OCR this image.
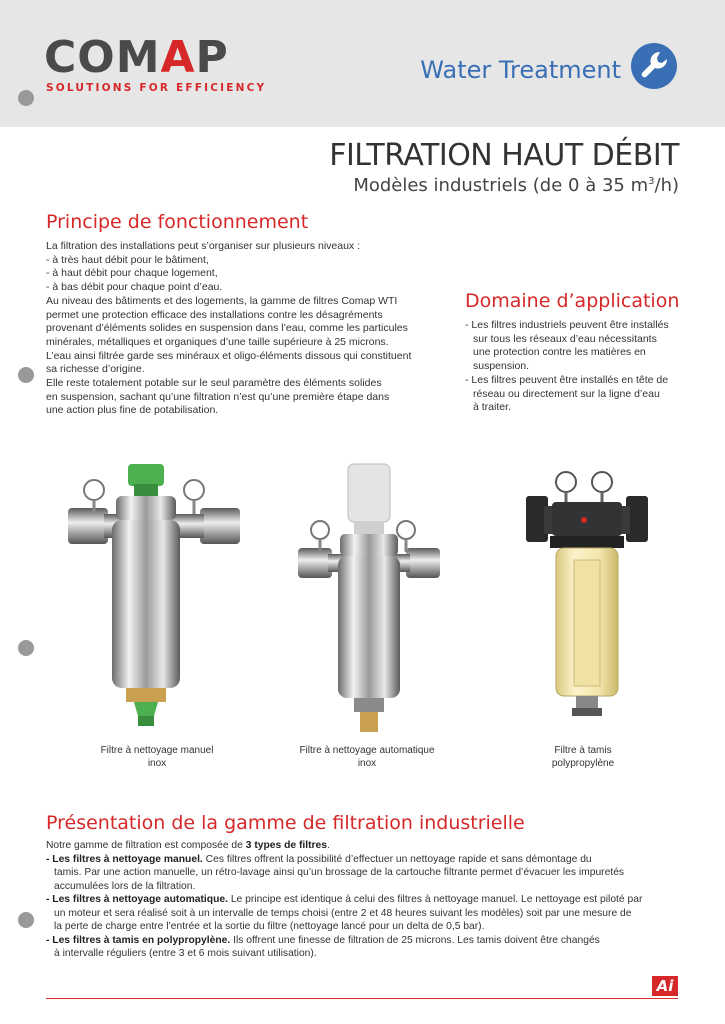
COMAP
SOLUTIONS FOR EFFICIENCY
Water Treatment
FILTRATION HAUT DÉBIT
Modèles industriels (de 0 à 35 $m^3/h$)
Principe de fonctionnement
La filtration des installations peut s’organiser sur plusieurs niveaux :
- à très haut débit pour le bâtiment,
- à haut débit pour chaque logement,
- à bas débit pour chaque point d’eau.
Au niveau des bâtiments et des logements, la gamme de filtres Comap WTI
permet une protection efficace des installations contre les désagréments
provenant d’éléments solides en suspension dans l’eau, comme les particules
minérales, métalliques et organiques d’une taille supérieure à 25 microns.
L’eau ainsi filtrée garde ses minéraux et oligo-éléments dissous qui constituent
sa richesse d’origine.
Elle reste totalement potable sur le seul paramètre des éléments solides
en suspension, sachant qu’une filtration n’est qu’une première étape dans
une action plus fine de potabilisation.
Domaine d’application
- Les filtres industriels peuvent être installés
sur tous les réseaux d’eau nécessitants
une protection contre les matières en
suspension.
- Les filtres peuvent être installés en tête de
réseau ou directement sur la ligne d’eau
à traiter.
Filtre à nettoyage manuel
inox
Filtre à nettoyage automatique
inox
Filtre à tamis
polypropylène
Présentation de la gamme de filtration industrielle
Notre gamme de filtration est composée de 3 types de filtres.
- Les filtres à nettoyage manuel. Ces filtres offrent la possibilité d’effectuer un nettoyage rapide et sans démontage du
tamis. Par une action manuelle, un rétro-lavage ainsi qu’un brossage de la cartouche filtrante permet d’évacuer les impuretés
accumulées lors de la filtration.
- Les filtres à nettoyage automatique. Le principe est identique à celui des filtres à nettoyage manuel. Le nettoyage est piloté par
un moteur et sera réalisé soit à un intervalle de temps choisi (entre 2 et 48 heures suivant les modèles) soit par une mesure de
la perte de charge entre l’entrée et la sortie du filtre (nettoyage lancé pour un delta de 0,5 bar).
- Les filtres à tamis en polypropylène. Ils offrent une finesse de filtration de 25 microns. Les tamis doivent être changés
à intervalle réguliers (entre 3 et 6 mois suivant utilisation).
Ai
